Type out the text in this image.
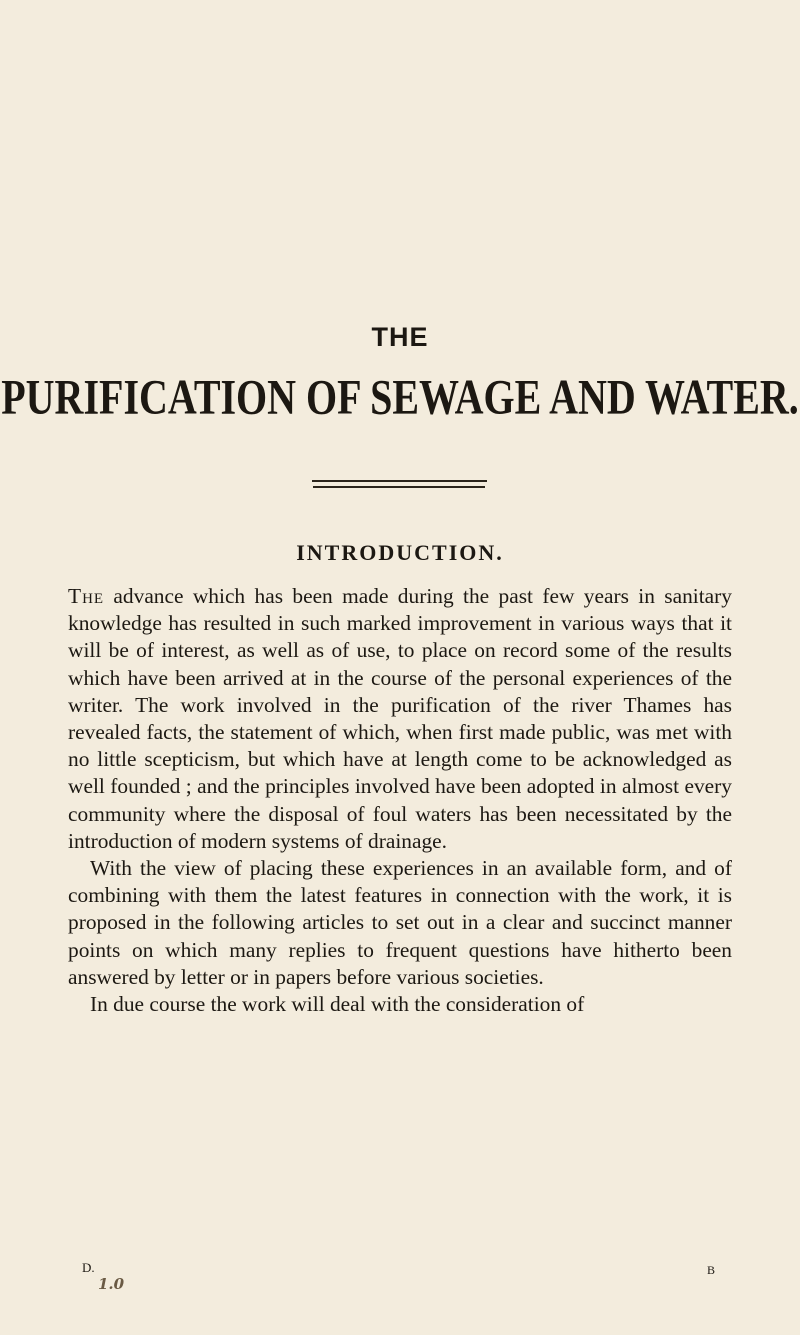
THE
PURIFICATION OF SEWAGE AND WATER.
INTRODUCTION.

The advance which has been made during the past few years in sanitary knowledge has resulted in such marked improvement in various ways that it will be of interest, as well as of use, to place on record some of the results which have been arrived at in the course of the personal experiences of the writer. The work involved in the purification of the river Thames has revealed facts, the statement of which, when first made public, was met with no little scepticism, but which have at length come to be acknowledged as well founded ; and the principles involved have been adopted in almost every community where the disposal of foul waters has been necessitated by the introduction of modern systems of drainage.

With the view of placing these experiences in an available form, and of combining with them the latest features in connection with the work, it is proposed in the following articles to set out in a clear and succinct manner points on which many replies to frequent questions have hitherto been answered by letter or in papers before various societies.

In due course the work will deal with the consideration of

D.	B
1.0
